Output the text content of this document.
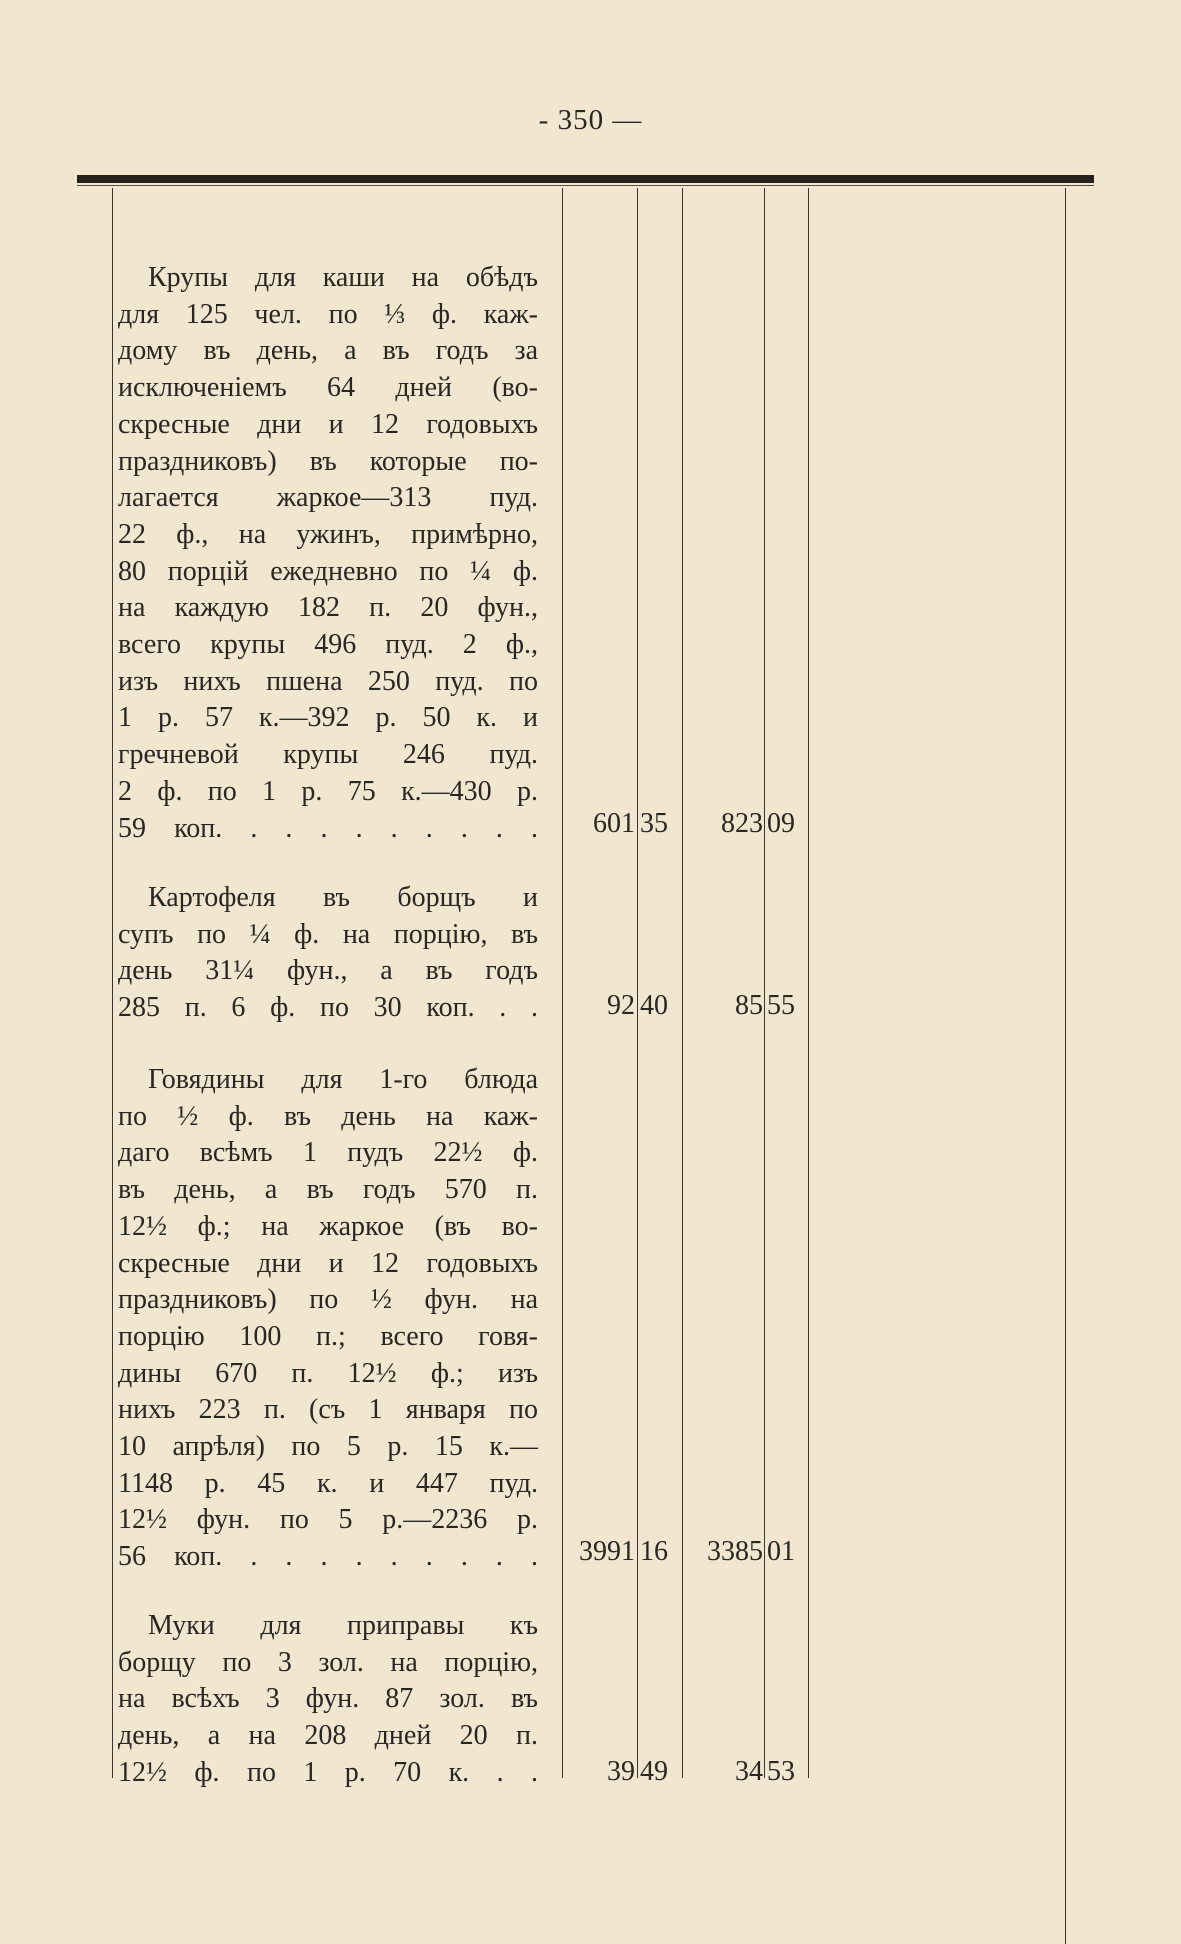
- 350 —
Крупы для каши на обѣдъ
для 125 чел. по ⅓ ф. каж-
дому въ день, а въ годъ за
исключеніемъ 64 дней (во-
скресные дни и 12 годовыхъ
праздниковъ) въ которые по-
лагается жаркое—313 пуд.
22 ф., на ужинъ, примѣрно,
80 порцій ежедневно по ¼ ф.
на каждую 182 п. 20 фун.,
всего крупы 496 пуд. 2 ф.,
изъ нихъ пшена 250 пуд. по
1 р. 57 к.—392 р. 50 к. и
гречневой крупы 246 пуд.
2 ф. по 1 р. 75 к.—430 р.
59 коп. . . . . . . . . .	601 35	823 09
Картофеля въ борщъ и
супъ по ¼ ф. на порцію, въ
день 31¼ фун., а въ годъ
285 п. 6 ф. по 30 коп. . .	92 40	85 55
Говядины для 1-го блюда
по ½ ф. въ день на каж-
даго всѣмъ 1 пудъ 22½ ф.
въ день, а въ годъ 570 п.
12½ ф.; на жаркое (въ во-
скресные дни и 12 годовыхъ
праздниковъ) по ½ фун. на
порцію 100 п.; всего говя-
дины 670 п. 12½ ф.; изъ
нихъ 223 п. (съ 1 января по
10 апрѣля) по 5 р. 15 к.—
1148 р. 45 к. и 447 пуд.
12½ фун. по 5 р.—2236 р.
56 коп. . . . . . . . . .	3991 16	3385 01
Муки для приправы къ
борщу по 3 зол. на порцію,
на всѣхъ 3 фун. 87 зол. въ
день, а на 208 дней 20 п.
12½ ф. по 1 р. 70 к. . .	39 49	34 53
